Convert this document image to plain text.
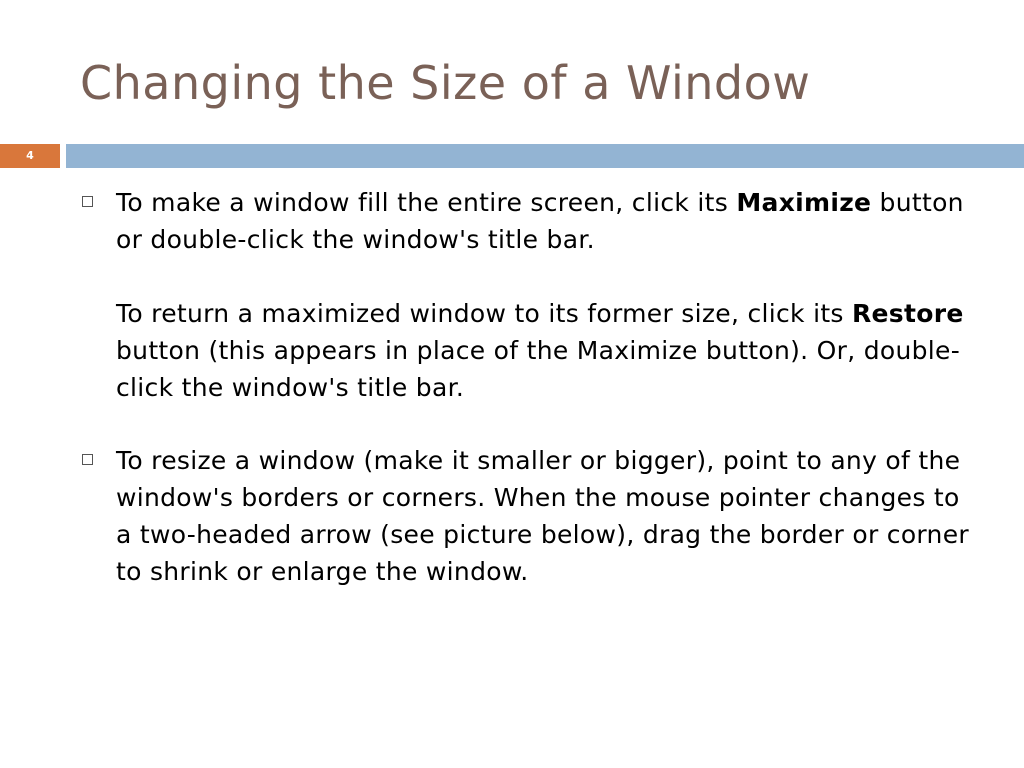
Changing the Size of a Window
4

To make a window fill the entire screen, click its Maximize button or double-click the window's title bar.

To return a maximized window to its former size, click its Restore button (this appears in place of the Maximize button). Or, double-click the window's title bar.

To resize a window (make it smaller or bigger), point to any of the window's borders or corners. When the mouse pointer changes to a two-headed arrow (see picture below), drag the border or corner to shrink or enlarge the window.
